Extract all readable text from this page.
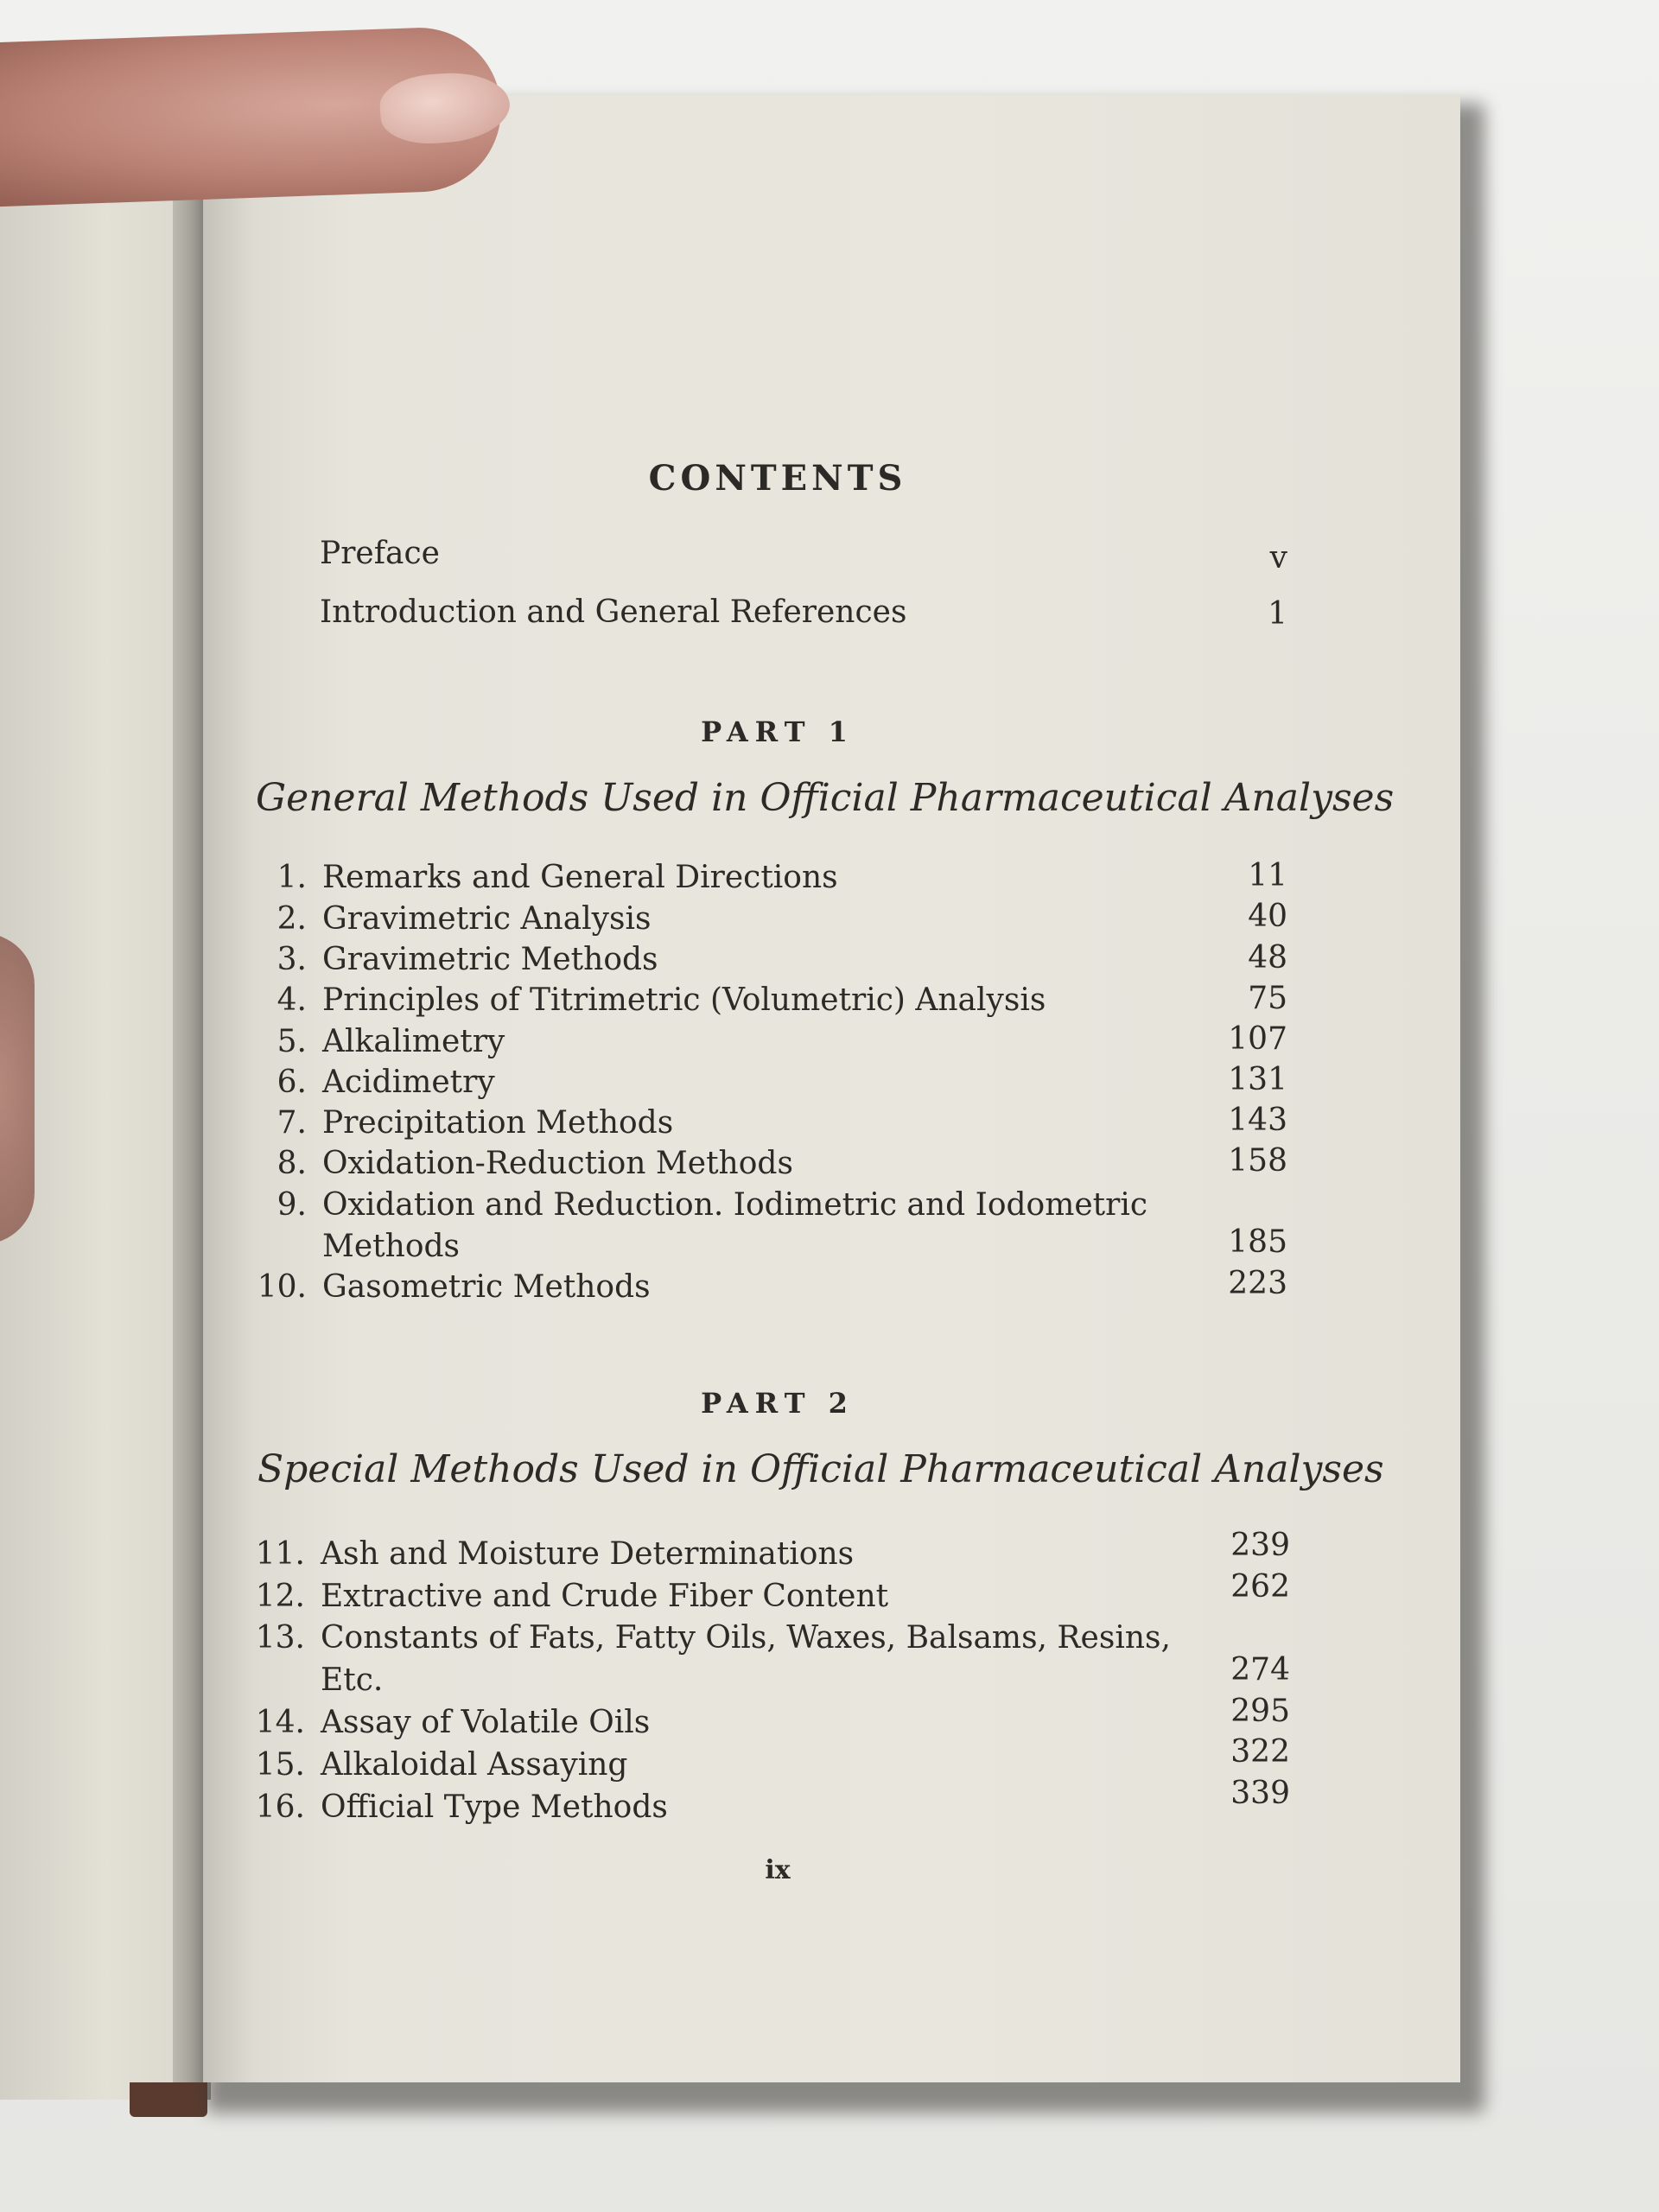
CONTENTS
Preface	v
Introduction and General References	1
PART 1
General Methods Used in Official Pharmaceutical Analyses
1. Remarks and General Directions	11
2. Gravimetric Analysis	40
3. Gravimetric Methods	48
4. Principles of Titrimetric (Volumetric) Analysis	75
5. Alkalimetry	107
6. Acidimetry	131
7. Precipitation Methods	143
8. Oxidation-Reduction Methods	158
9. Oxidation and Reduction. Iodimetric and Iodometric
Methods	185
10. Gasometric Methods	223
PART 2
Special Methods Used in Official Pharmaceutical Analyses
11. Ash and Moisture Determinations	239
12. Extractive and Crude Fiber Content	262
13. Constants of Fats, Fatty Oils, Waxes, Balsams, Resins,
Etc.	274
14. Assay of Volatile Oils	295
15. Alkaloidal Assaying	322
16. Official Type Methods	339
ix
